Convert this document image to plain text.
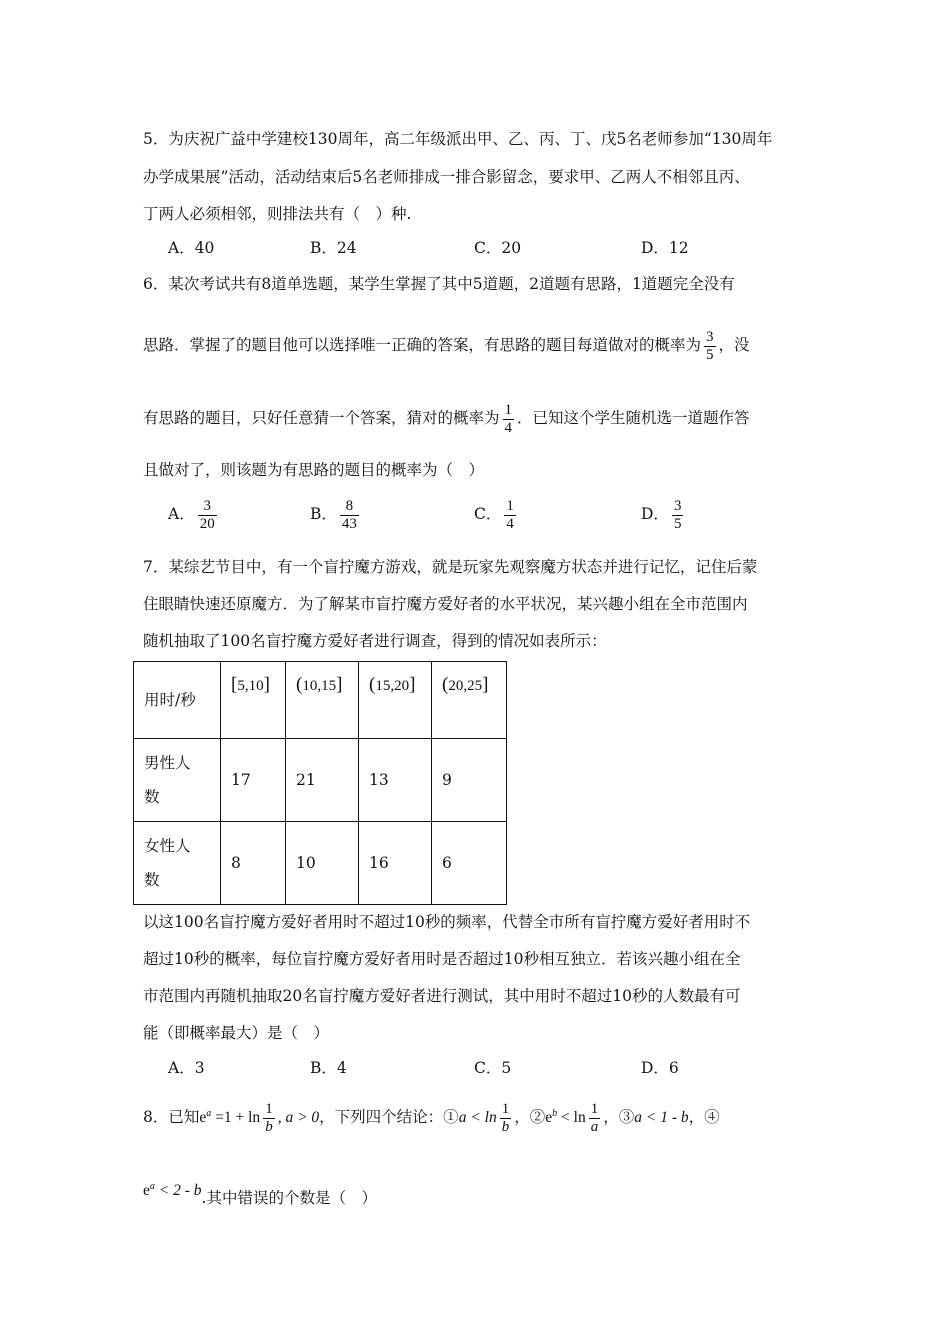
5．为庆祝广益中学建校130周年，高二年级派出甲、乙、丙、丁、戊5名老师参加“130周年
办学成果展”活动，活动结束后5名老师排成一排合影留念，要求甲、乙两人不相邻且丙、
丁两人必须相邻，则排法共有（　）种.
A．40	B．24	C．20	D．12
6．某次考试共有8道单选题，某学生掌握了其中5道题，2道题有思路，1道题完全没有
思路．掌握了的题目他可以选择唯一正确的答案，有思路的题目每道做对的概率为 $\frac{3}{5}$ ，没
有思路的题目，只好任意猜一个答案，猜对的概率为 $\frac{1}{4}$ ．已知这个学生随机选一道题作答
且做对了，则该题为有思路的题目的概率为（　）
A． $\frac{3}{20}$	B． $\frac{8}{43}$	C． $\frac{1}{4}$	D． $\frac{3}{5}$
7．某综艺节目中，有一个盲拧魔方游戏，就是玩家先观察魔方状态并进行记忆，记住后蒙
住眼睛快速还原魔方．为了解某市盲拧魔方爱好者的水平状况，某兴趣小组在全市范围内
随机抽取了100名盲拧魔方爱好者进行调查，得到的情况如表所示：
用时/秒	[5,10]	(10,15]	(15,20]	(20,25]

男性人
数	17	21	13	9

女性人
数	8	10	16	6
以这100名盲拧魔方爱好者用时不超过10秒的频率，代替全市所有盲拧魔方爱好者用时不
超过10秒的概率，每位盲拧魔方爱好者用时是否超过10秒相互独立．若该兴趣小组在全
市范围内再随机抽取20名盲拧魔方爱好者进行测试，其中用时不超过10秒的人数最有可
能（即概率最大）是（　）
A．3	B．4	C．5	D．6
8．已知$e^a =1 + \ln \frac{1}{b}$ , a > 0，下列四个结论：①a < $\ln \frac{1}{b}$ ，$②e^b < \ln \frac{1}{a}$ ，③a < 1 - b，④
$e^a < 2 - b$.其中错误的个数是（　）
